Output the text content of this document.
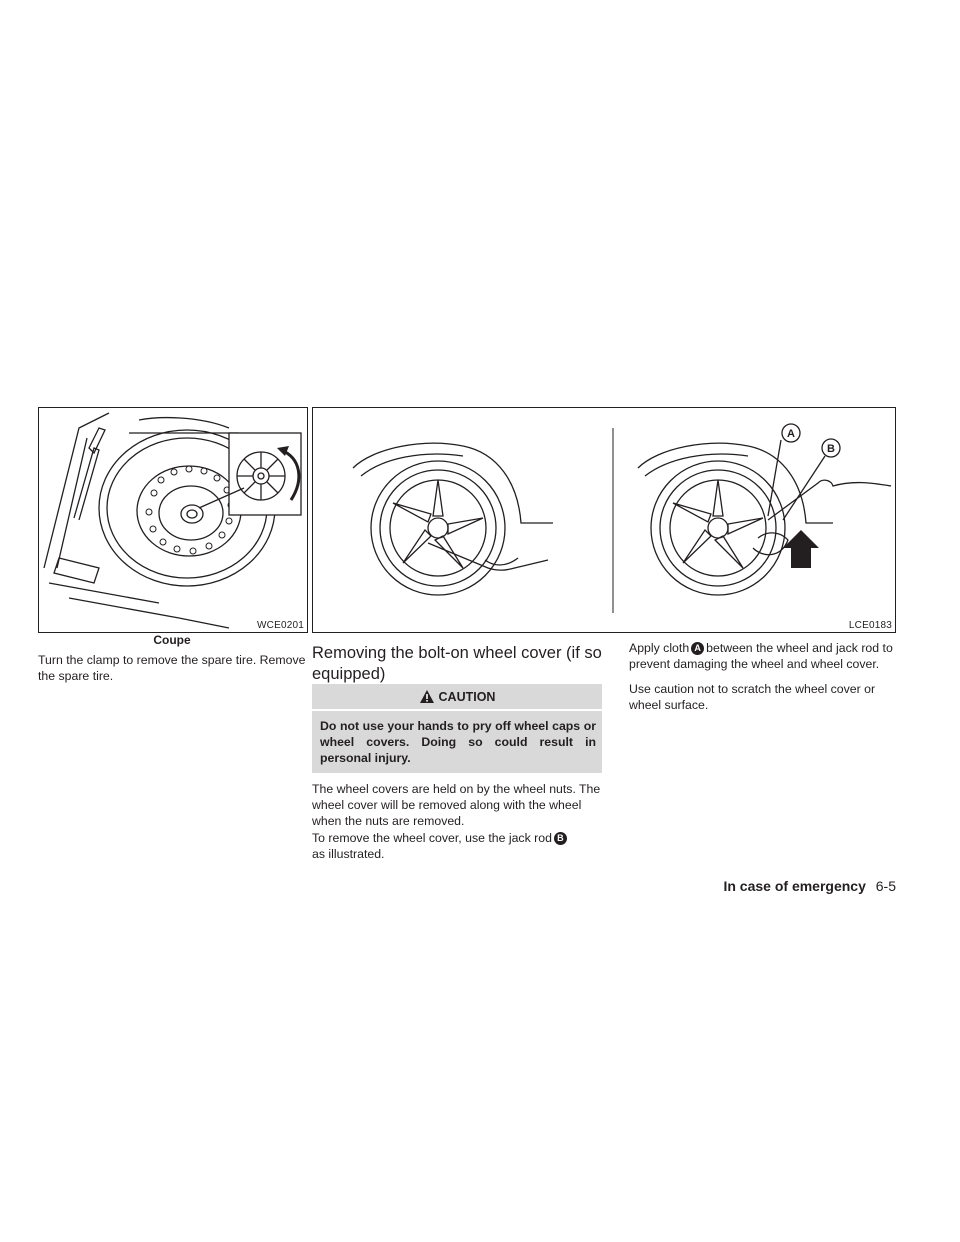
WCE0201
Coupe
A
B
LCE0183

Turn the clamp to remove the spare tire. Remove the spare tire.

Removing the bolt-on wheel cover (if so equipped)
CAUTION
Do not use your hands to pry off wheel caps or wheel covers. Doing so could result in personal injury.

The wheel covers are held on by the wheel nuts. The wheel cover will be removed along with the wheel when the nuts are removed.

To remove the wheel cover, use the jack rod B
as illustrated.

Apply cloth A between the wheel and jack rod to prevent damaging the wheel and wheel cover.

Use caution not to scratch the wheel cover or wheel surface.

In case of emergency 6-5
